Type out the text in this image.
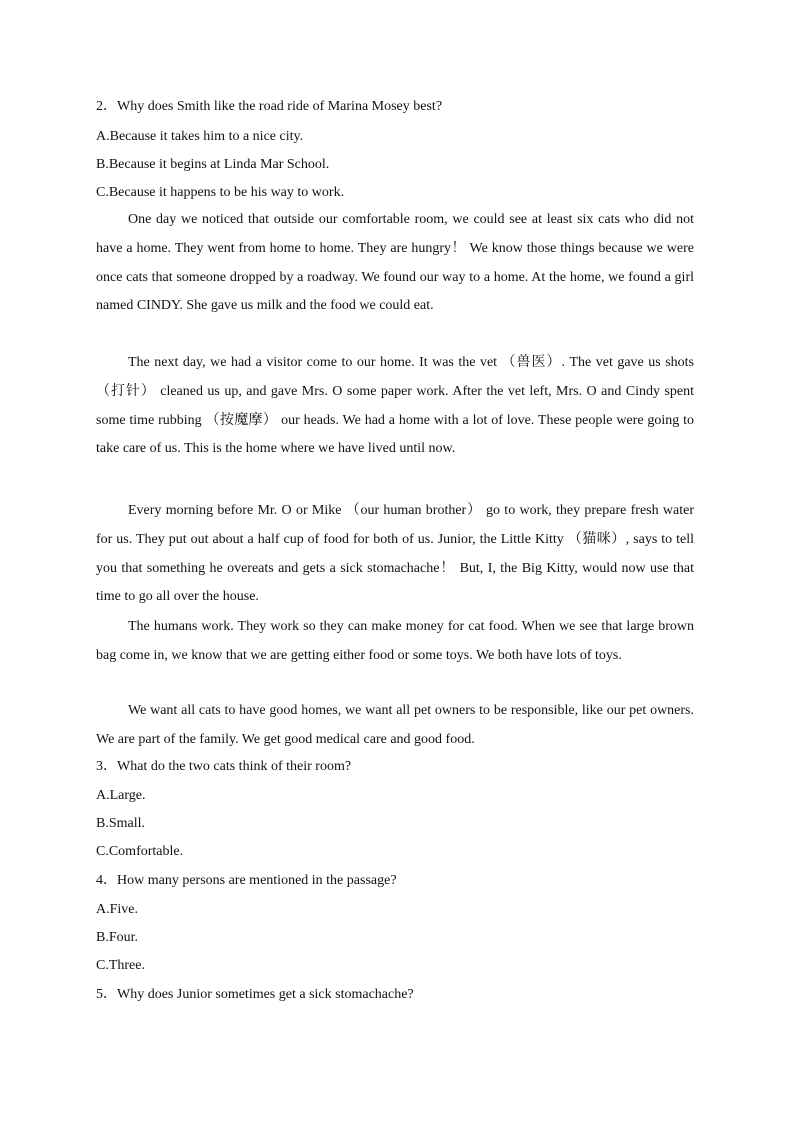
2．Why does Smith like the road ride of Marina Mosey best?
A.Because it takes him to a nice city.
B.Because it begins at Linda Mar School.
C.Because it happens to be his way to work.
One day we noticed that outside our comfortable room, we could see at least six cats who did not have a home. They went from home to home. They are hungry！ We know those things because we were once cats that someone dropped by a roadway. We found our way to a home. At the home, we found a girl named CINDY. She gave us milk and the food we could eat.
The next day, we had a visitor come to our home. It was the vet （兽医）. The vet gave us shots （打针） cleaned us up, and gave Mrs. O some paper work. After the vet left, Mrs. O and Cindy spent some time rubbing （按魔摩） our heads. We had a home with a lot of love. These people were going to take care of us. This is the home where we have lived until now.
Every morning before Mr. O or Mike （our human brother） go to work, they prepare fresh water for us. They put out about a half cup of food for both of us. Junior, the Little Kitty （猫咪）, says to tell you that something he overeats and gets a sick stomachache！ But, I, the Big Kitty, would now use that time to go all over the house.
The humans work. They work so they can make money for cat food. When we see that large brown bag come in, we know that we are getting either food or some toys. We both have lots of toys.
We want all cats to have good homes, we want all pet owners to be responsible, like our pet owners. We are part of the family. We get good medical care and good food.
3．What do the two cats think of their room?
A.Large.
B.Small.
C.Comfortable.
4．How many persons are mentioned in the passage?
A.Five.
B.Four.
C.Three.
5．Why does Junior sometimes get a sick stomachache?
